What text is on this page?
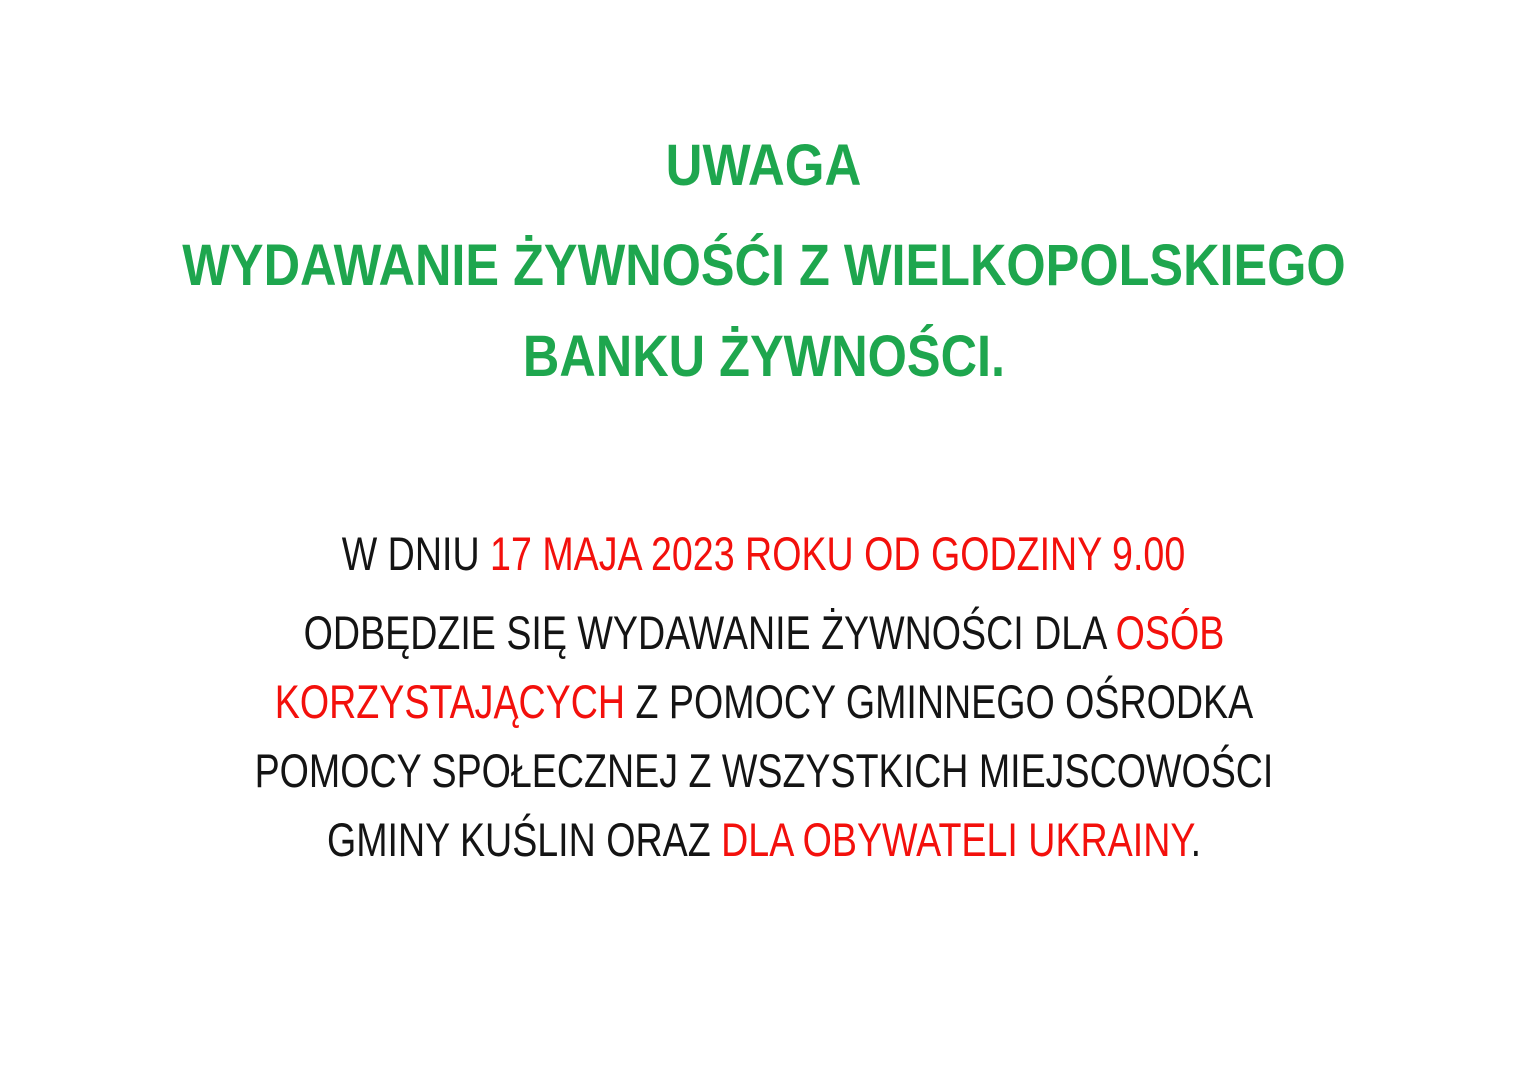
UWAGA
WYDAWANIE ŻYWNOŚĆI Z WIELKOPOLSKIEGO BANKU ŻYWNOŚCI.
W DNIU 17 MAJA 2023 ROKU OD GODZINY 9.00
ODBĘDZIE SIĘ WYDAWANIE ŻYWNOŚCI DLA OSÓB KORZYSTAJĄCYCH Z POMOCY GMINNEGO OŚRODKA POMOCY SPOŁECZNEJ Z WSZYSTKICH MIEJSCOWOŚCI GMINY KUŚLIN ORAZ DLA OBYWATELI UKRAINY.
